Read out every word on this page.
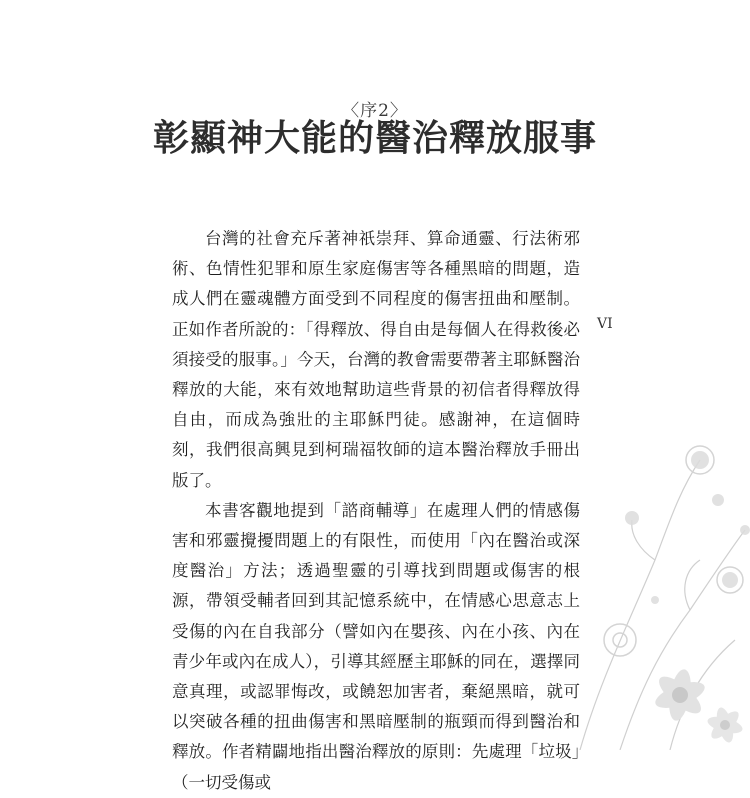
〈序2〉
彰顯神大能的醫治釋放服事

台灣的社會充斥著神祇崇拜、算命通靈、行法術邪術、色情性犯罪和原生家庭傷害等各種黑暗的問題，造成人們在靈魂體方面受到不同程度的傷害扭曲和壓制。正如作者所說的：「得釋放、得自由是每個人在得救後必須接受的服事。」今天，台灣的教會需要帶著主耶穌醫治釋放的大能，來有效地幫助這些背景的初信者得釋放得自由，而成為強壯的主耶穌門徒。感謝神，在這個時刻，我們很高興見到柯瑞福牧師的這本醫治釋放手冊出版了。

本書客觀地提到「諮商輔導」在處理人們的情感傷害和邪靈攪擾問題上的有限性，而使用「內在醫治或深度醫治」方法；透過聖靈的引導找到問題或傷害的根源，帶領受輔者回到其記憶系統中，在情感心思意志上受傷的內在自我部分（譬如內在嬰孩、內在小孩、內在青少年或內在成人），引導其經歷主耶穌的同在，選擇同意真理，或認罪悔改，或饒恕加害者，棄絕黑暗，就可以突破各種的扭曲傷害和黑暗壓制的瓶頸而得到醫治和釋放。作者精闢地指出醫治釋放的原則：先處理「垃圾」（一切受傷或

VI
